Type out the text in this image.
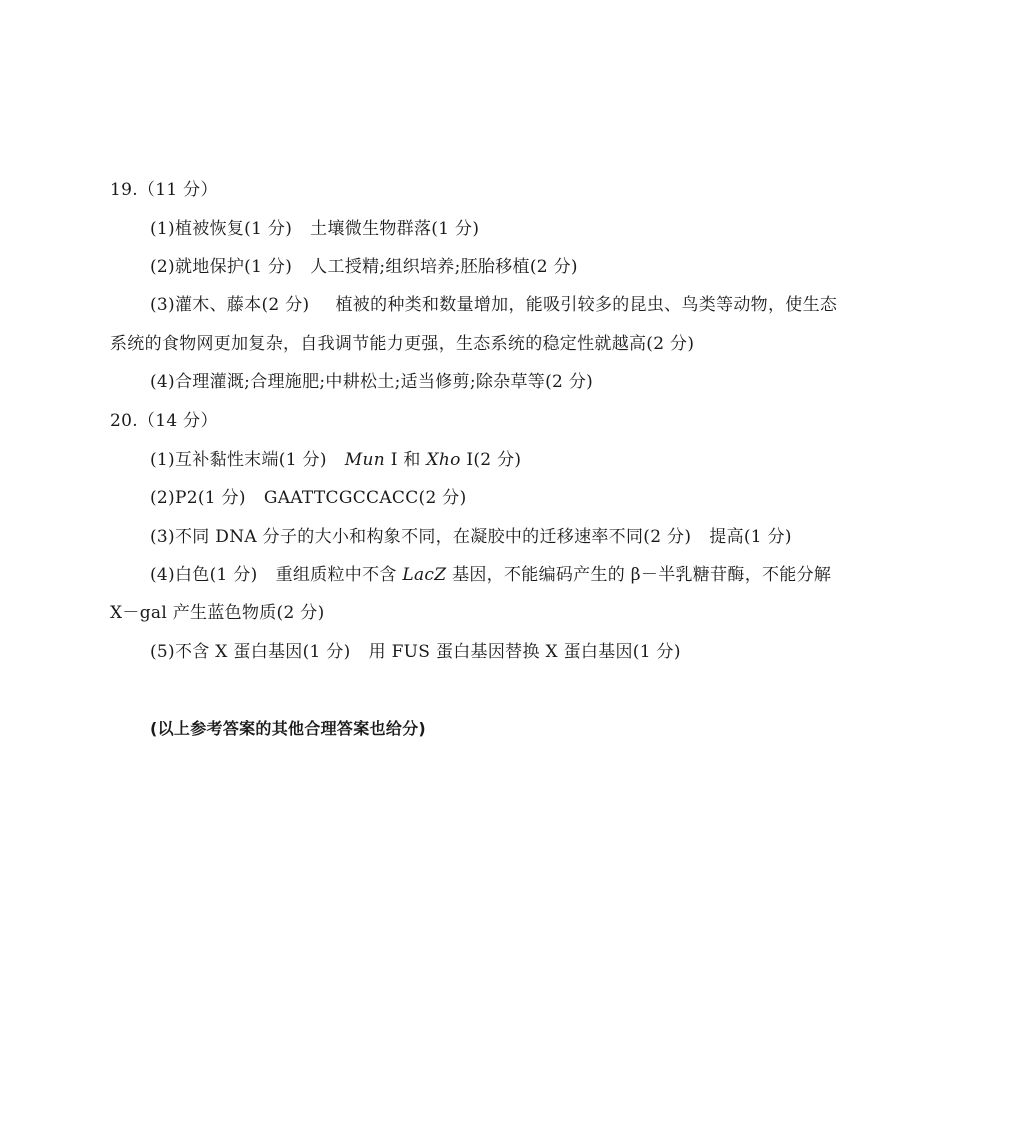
19.（11 分）
(1)植被恢复(1 分) 土壤微生物群落(1 分)
(2)就地保护(1 分) 人工授精;组织培养;胚胎移植(2 分)
(3)灌木、藤本(2 分) 植被的种类和数量增加，能吸引较多的昆虫、鸟类等动物，使生态
系统的食物网更加复杂，自我调节能力更强，生态系统的稳定性就越高(2 分)
(4)合理灌溉;合理施肥;中耕松土;适当修剪;除杂草等(2 分)
20.（14 分）
(1)互补黏性末端(1 分) Mun Ⅰ 和 Xho Ⅰ(2 分)
(2)P2(1 分) GAATTCGCCACC(2 分)
(3)不同 DNA 分子的大小和构象不同，在凝胶中的迁移速率不同(2 分) 提高(1 分)
(4)白色(1 分) 重组质粒中不含 LacZ 基因，不能编码产生的 β－半乳糖苷酶，不能分解
X－gal 产生蓝色物质(2 分)
(5)不含 X 蛋白基因(1 分) 用 FUS 蛋白基因替换 X 蛋白基因(1 分)
(以上参考答案的其他合理答案也给分)
